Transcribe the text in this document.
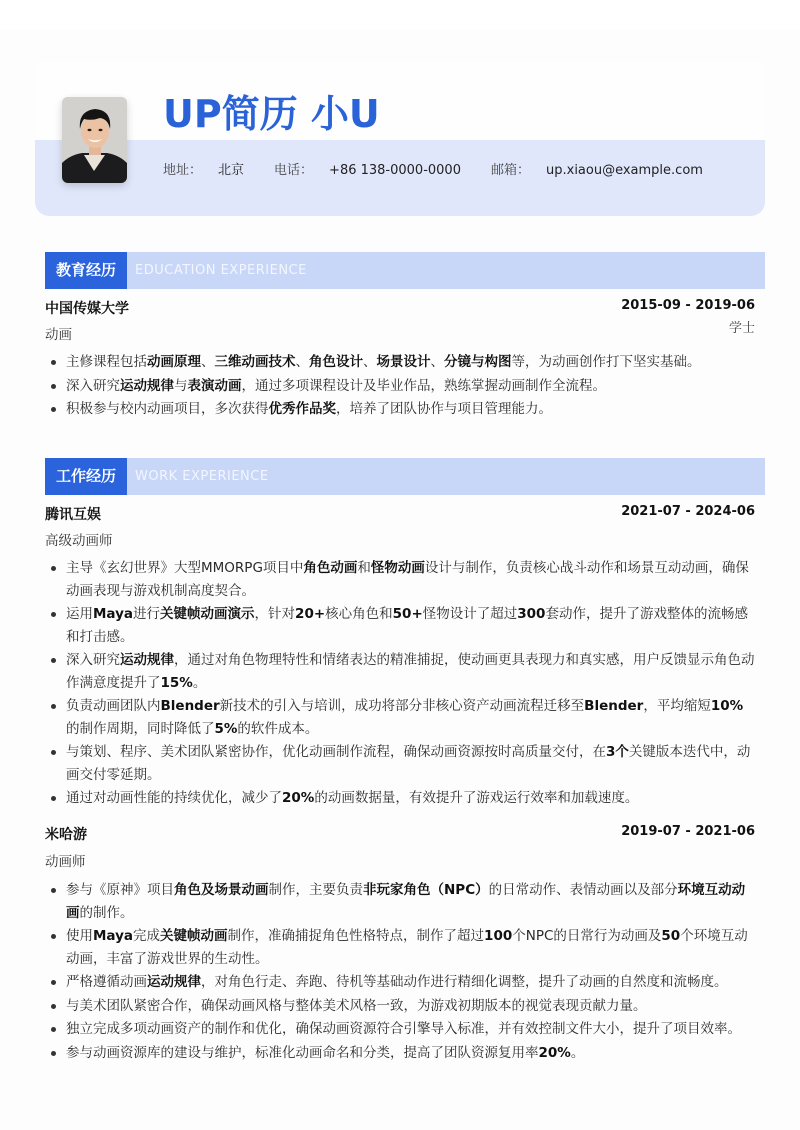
UP简历 小U
地址： 北京 电话： +86 138-0000-0000 邮箱： up.xiaou@example.com
教育经历	EDUCATION EXPERIENCE
中国传媒大学	2015-09 - 2019-06
学士
动画
主修课程包括动画原理、三维动画技术、角色设计、场景设计、分镜与构图等，为动画创作打下坚实基础。
深入研究运动规律与表演动画，通过多项课程设计及毕业作品，熟练掌握动画制作全流程。
积极参与校内动画项目，多次获得优秀作品奖，培养了团队协作与项目管理能力。
工作经历	WORK EXPERIENCE
腾讯互娱	2021-07 - 2024-06
高级动画师
主导《玄幻世界》大型MMORPG项目中角色动画和怪物动画设计与制作，负责核心战斗动作和场景互动动画，确保动画表现与游戏机制高度契合。
运用Maya进行关键帧动画演示，针对20+核心角色和50+怪物设计了超过300套动作，提升了游戏整体的流畅感和打击感。
深入研究运动规律，通过对角色物理特性和情绪表达的精准捕捉，使动画更具表现力和真实感，用户反馈显示角色动作满意度提升了15%。
负责动画团队内Blender新技术的引入与培训，成功将部分非核心资产动画流程迁移至Blender，平均缩短10%的制作周期，同时降低了5%的软件成本。
与策划、程序、美术团队紧密协作，优化动画制作流程，确保动画资源按时高质量交付，在3个关键版本迭代中，动画交付零延期。
通过对动画性能的持续优化，减少了20%的动画数据量，有效提升了游戏运行效率和加载速度。
米哈游	2019-07 - 2021-06
动画师
参与《原神》项目角色及场景动画制作，主要负责非玩家角色（NPC）的日常动作、表情动画以及部分环境互动动画的制作。
使用Maya完成关键帧动画制作，准确捕捉角色性格特点，制作了超过100个NPC的日常行为动画及50个环境互动动画，丰富了游戏世界的生动性。
严格遵循动画运动规律，对角色行走、奔跑、待机等基础动作进行精细化调整，提升了动画的自然度和流畅度。
与美术团队紧密合作，确保动画风格与整体美术风格一致，为游戏初期版本的视觉表现贡献力量。
独立完成多项动画资产的制作和优化，确保动画资源符合引擎导入标准，并有效控制文件大小，提升了项目效率。
参与动画资源库的建设与维护，标准化动画命名和分类，提高了团队资源复用率20%。
